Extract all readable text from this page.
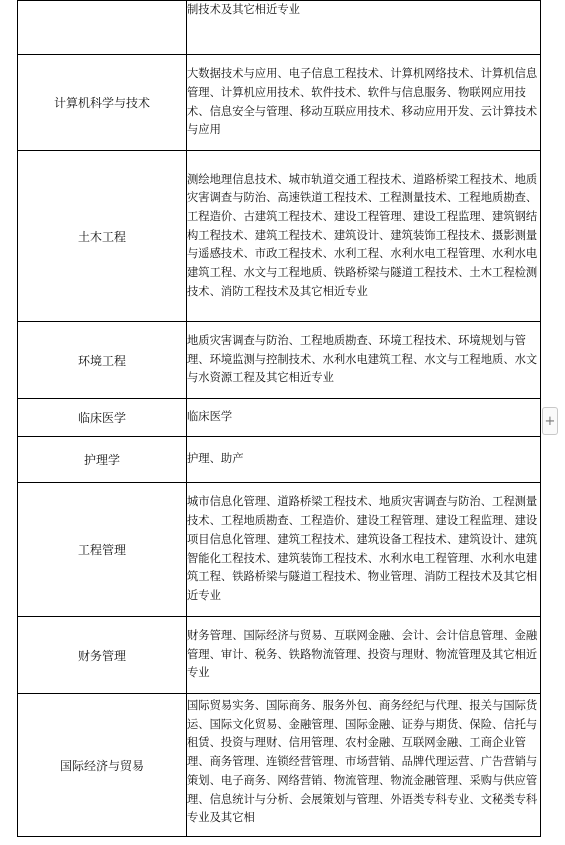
	制技术及其它相近专业
计算机科学与技术	大数据技术与应用、电子信息工程技术、计算机网络技术、计算机信息管理、计算机应用技术、软件技术、软件与信息服务、物联网应用技术、信息安全与管理、移动互联应用技术、移动应用开发、云计算技术与应用
土木工程	测绘地理信息技术、城市轨道交通工程技术、道路桥梁工程技术、地质灾害调查与防治、高速铁道工程技术、工程测量技术、工程地质勘查、工程造价、古建筑工程技术、建设工程管理、建设工程监理、建筑钢结构工程技术、建筑工程技术、建筑设计、建筑装饰工程技术、摄影测量与遥感技术、市政工程技术、水利工程、水利水电工程管理、水利水电建筑工程、水文与工程地质、铁路桥梁与隧道工程技术、土木工程检测技术、消防工程技术及其它相近专业
环境工程	地质灾害调查与防治、工程地质勘查、环境工程技术、环境规划与管理、环境监测与控制技术、水利水电建筑工程、水文与工程地质、水文与水资源工程及其它相近专业
临床医学	临床医学
护理学	护理、助产
工程管理	城市信息化管理、道路桥梁工程技术、地质灾害调查与防治、工程测量技术、工程地质勘查、工程造价、建设工程管理、建设工程监理、建设项目信息化管理、建筑工程技术、建筑设备工程技术、建筑设计、建筑智能化工程技术、建筑装饰工程技术、水利水电工程管理、水利水电建筑工程、铁路桥梁与隧道工程技术、物业管理、消防工程技术及其它相近专业
财务管理	财务管理、国际经济与贸易、互联网金融、会计、会计信息管理、金融管理、审计、税务、铁路物流管理、投资与理财、物流管理及其它相近专业
国际经济与贸易	国际贸易实务、国际商务、服务外包、商务经纪与代理、报关与国际货运、国际文化贸易、金融管理、国际金融、证券与期货、保险、信托与租赁、投资与理财、信用管理、农村金融、互联网金融、工商企业管理、商务管理、连锁经营管理、市场营销、品牌代理运营、广告营销与策划、电子商务、网络营销、物流管理、物流金融管理、采购与供应管理、信息统计与分析、会展策划与管理、外语类专科专业、文秘类专科专业及其它相
+
